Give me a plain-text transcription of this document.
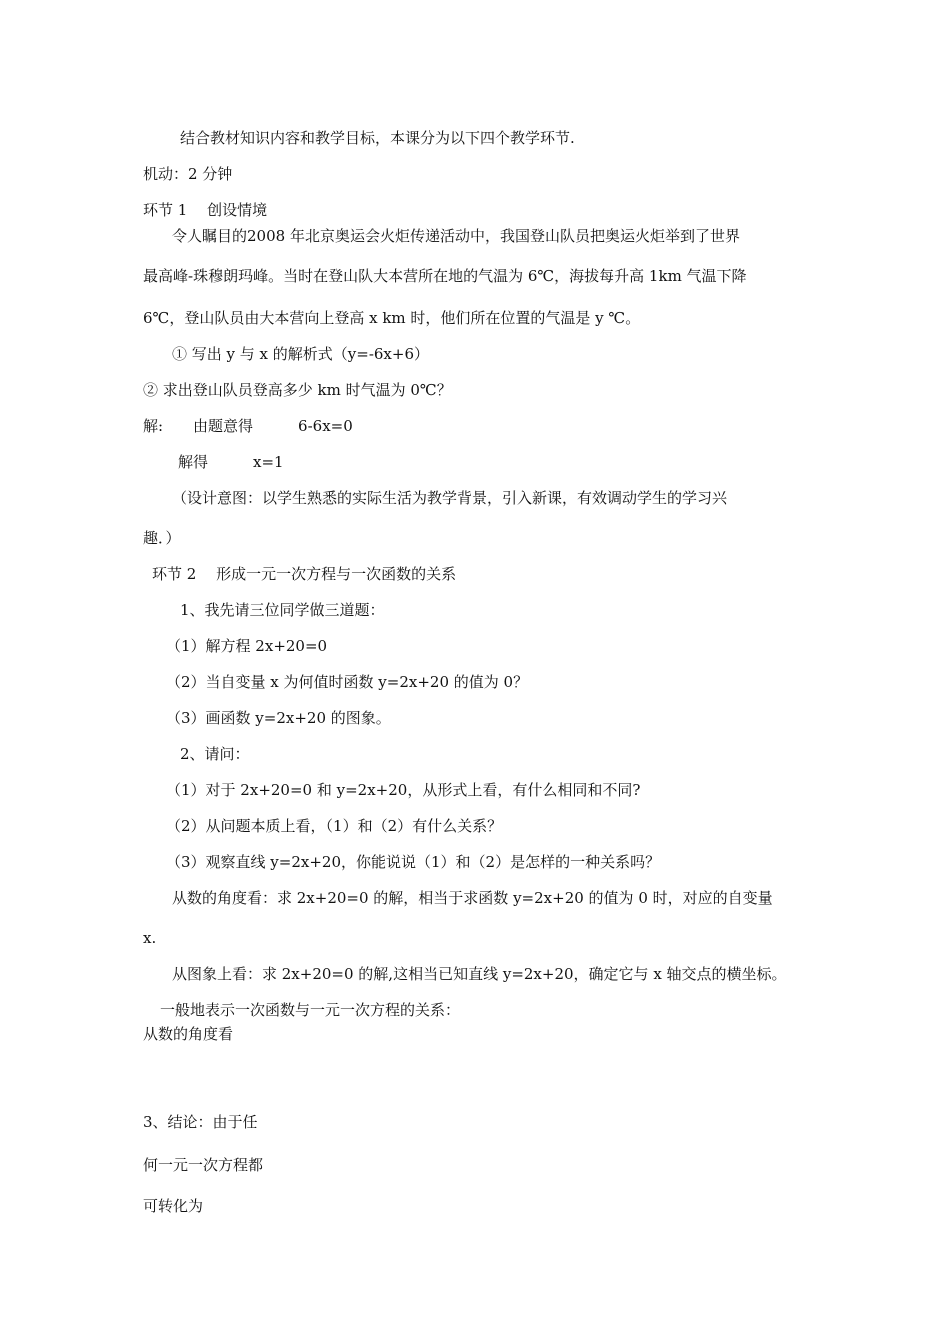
结合教材知识内容和教学目标，本课分为以下四个教学环节.
机动：2 分钟
环节 1　 创设情境
令人瞩目的2008 年北京奥运会火炬传递活动中，我国登山队员把奥运火炬举到了世界
最高峰-珠穆朗玛峰。当时在登山队大本营所在地的气温为 6℃，海拔每升高 1km 气温下降
6℃，登山队员由大本营向上登高 x km 时，他们所在位置的气温是 y ℃。
① 写出 y 与 x 的解析式（y=-6x+6）
② 求出登山队员登高多少 km 时气温为 0℃？
解:　　由题意得　　　6-6x=0
解得　　　x=1
（设计意图：以学生熟悉的实际生活为教学背景，引入新课，有效调动学生的学习兴
趣．）
环节 2　 形成一元一次方程与一次函数的关系
1、我先请三位同学做三道题：
（1）解方程 2x+20=0
（2）当自变量 x 为何值时函数 y=2x+20 的值为 0？
（3）画函数 y=2x+20 的图象。
2、请问：
（1）对于 2x+20=0 和 y=2x+20，从形式上看，有什么相同和不同?
（2）从问题本质上看，（1）和（2）有什么关系？
（3）观察直线 y=2x+20，你能说说（1）和（2）是怎样的一种关系吗？
从数的角度看：求 2x+20=0 的解，相当于求函数 y=2x+20 的值为 0 时，对应的自变量
x.
从图象上看：求 2x+20=0 的解,这相当已知直线 y=2x+20，确定它与 x 轴交点的横坐标。
一般地表示一次函数与一元一次方程的关系：
从数的角度看
3、结论：由于任
何一元一次方程都
可转化为
